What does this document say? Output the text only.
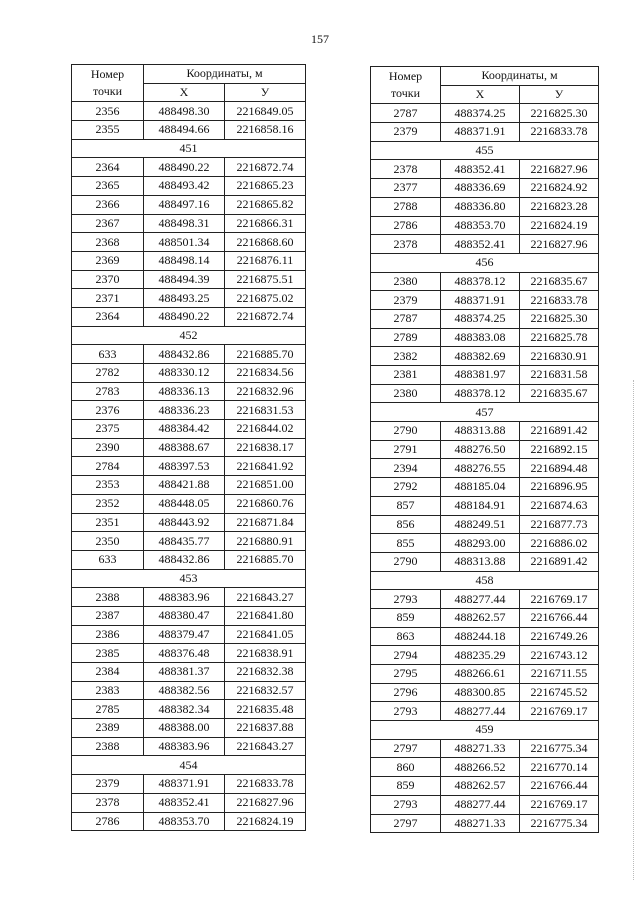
157
Номер
точки	Координаты, м	
	X	У
2356	488498.30	2216849.05
2355	488494.66	2216858.16
451		
2364	488490.22	2216872.74
2365	488493.42	2216865.23
2366	488497.16	2216865.82
2367	488498.31	2216866.31
2368	488501.34	2216868.60
2369	488498.14	2216876.11
2370	488494.39	2216875.51
2371	488493.25	2216875.02
2364	488490.22	2216872.74
452		
633	488432.86	2216885.70
2782	488330.12	2216834.56
2783	488336.13	2216832.96
2376	488336.23	2216831.53
2375	488384.42	2216844.02
2390	488388.67	2216838.17
2784	488397.53	2216841.92
2353	488421.88	2216851.00
2352	488448.05	2216860.76
2351	488443.92	2216871.84
2350	488435.77	2216880.91
633	488432.86	2216885.70
453		
2388	488383.96	2216843.27
2387	488380.47	2216841.80
2386	488379.47	2216841.05
2385	488376.48	2216838.91
2384	488381.37	2216832.38
2383	488382.56	2216832.57
2785	488382.34	2216835.48
2389	488388.00	2216837.88
2388	488383.96	2216843.27
454		
2379	488371.91	2216833.78
2378	488352.41	2216827.96
2786	488353.70	2216824.19
Номер
точки	Координаты, м	
	X	У
2787	488374.25	2216825.30
2379	488371.91	2216833.78
455		
2378	488352.41	2216827.96
2377	488336.69	2216824.92
2788	488336.80	2216823.28
2786	488353.70	2216824.19
2378	488352.41	2216827.96
456		
2380	488378.12	2216835.67
2379	488371.91	2216833.78
2787	488374.25	2216825.30
2789	488383.08	2216825.78
2382	488382.69	2216830.91
2381	488381.97	2216831.58
2380	488378.12	2216835.67
457		
2790	488313.88	2216891.42
2791	488276.50	2216892.15
2394	488276.55	2216894.48
2792	488185.04	2216896.95
857	488184.91	2216874.63
856	488249.51	2216877.73
855	488293.00	2216886.02
2790	488313.88	2216891.42
458		
2793	488277.44	2216769.17
859	488262.57	2216766.44
863	488244.18	2216749.26
2794	488235.29	2216743.12
2795	488266.61	2216711.55
2796	488300.85	2216745.52
2793	488277.44	2216769.17
459		
2797	488271.33	2216775.34
860	488266.52	2216770.14
859	488262.57	2216766.44
2793	488277.44	2216769.17
2797	488271.33	2216775.34
